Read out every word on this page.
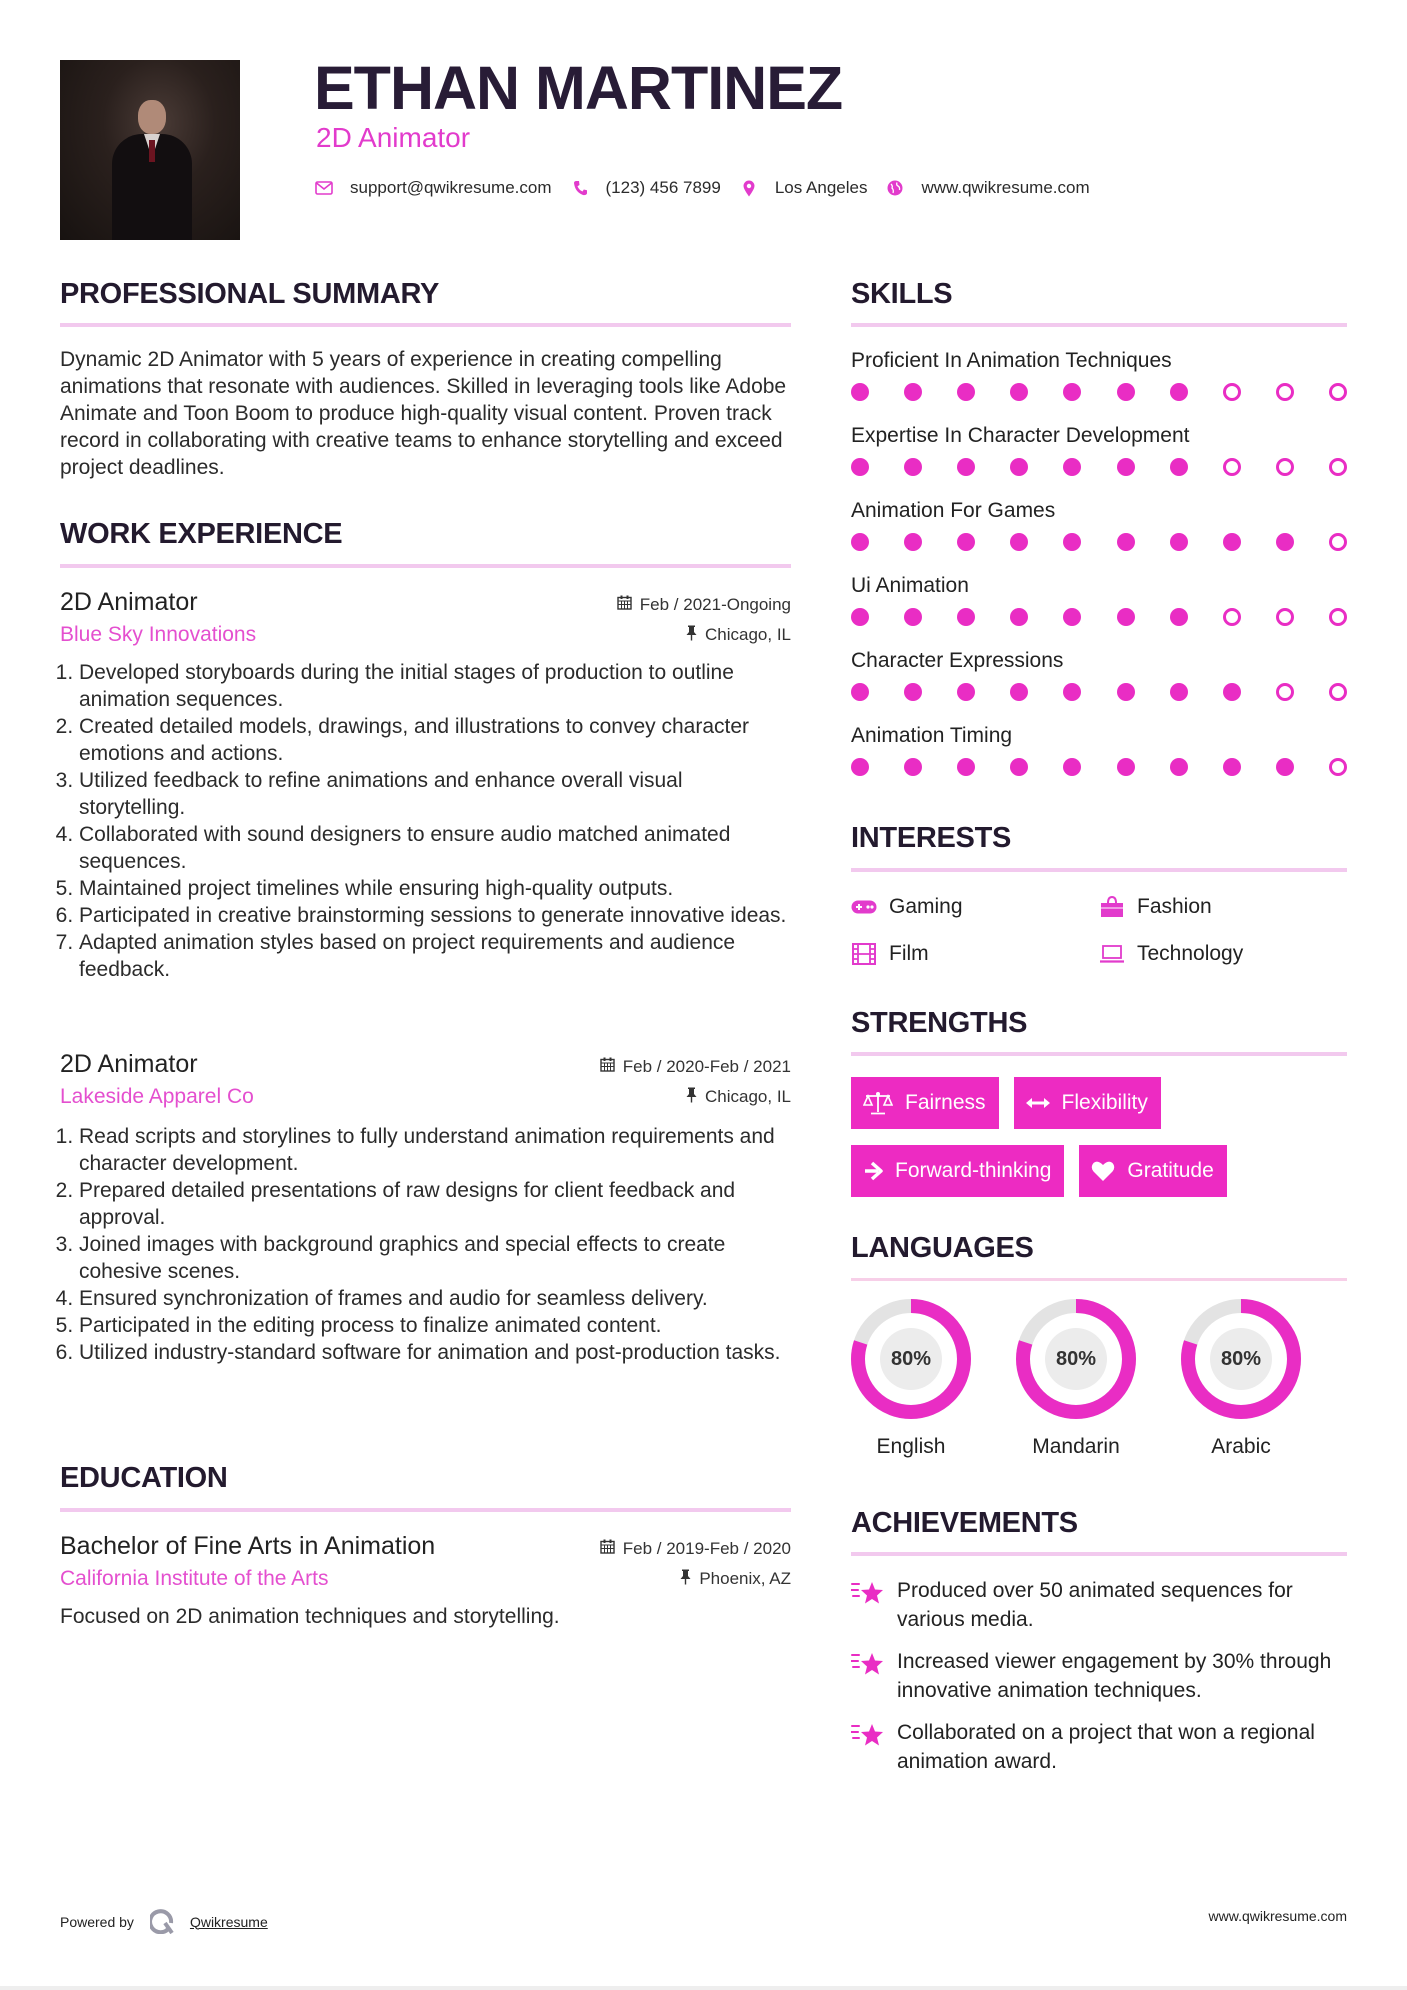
ETHAN MARTINEZ
2D Animator
support@qwikresume.com	(123) 456 7899	Los Angeles	www.qwikresume.com
PROFESSIONAL SUMMARY
Dynamic 2D Animator with 5 years of experience in creating compelling animations that resonate with audiences. Skilled in leveraging tools like Adobe Animate and Toon Boom to produce high-quality visual content. Proven track record in collaborating with creative teams to enhance storytelling and exceed project deadlines.
WORK EXPERIENCE
2D Animator	Feb / 2021-Ongoing
Blue Sky Innovations	Chicago, IL
1. Developed storyboards during the initial stages of production to outline animation sequences.
2. Created detailed models, drawings, and illustrations to convey character emotions and actions.
3. Utilized feedback to refine animations and enhance overall visual storytelling.
4. Collaborated with sound designers to ensure audio matched animated sequences.
5. Maintained project timelines while ensuring high-quality outputs.
6. Participated in creative brainstorming sessions to generate innovative ideas.
7. Adapted animation styles based on project requirements and audience feedback.
2D Animator	Feb / 2020-Feb / 2021
Lakeside Apparel Co	Chicago, IL
1. Read scripts and storylines to fully understand animation requirements and character development.
2. Prepared detailed presentations of raw designs for client feedback and approval.
3. Joined images with background graphics and special effects to create cohesive scenes.
4. Ensured synchronization of frames and audio for seamless delivery.
5. Participated in the editing process to finalize animated content.
6. Utilized industry-standard software for animation and post-production tasks.
EDUCATION
Bachelor of Fine Arts in Animation	Feb / 2019-Feb / 2020
California Institute of the Arts	Phoenix, AZ
Focused on 2D animation techniques and storytelling.
SKILLS
Proficient In Animation Techniques
Expertise In Character Development
Animation For Games
Ui Animation
Character Expressions
Animation Timing
INTERESTS
Gaming	Fashion
Film	Technology
STRENGTHS
Fairness	Flexibility
Forward-thinking	Gratitude
LANGUAGES
80%
English
80%
Mandarin
80%
Arabic
ACHIEVEMENTS
Produced over 50 animated sequences for various media.
Increased viewer engagement by 30% through innovative animation techniques.
Collaborated on a project that won a regional animation award.
Powered by	Qwikresume	www.qwikresume.com
